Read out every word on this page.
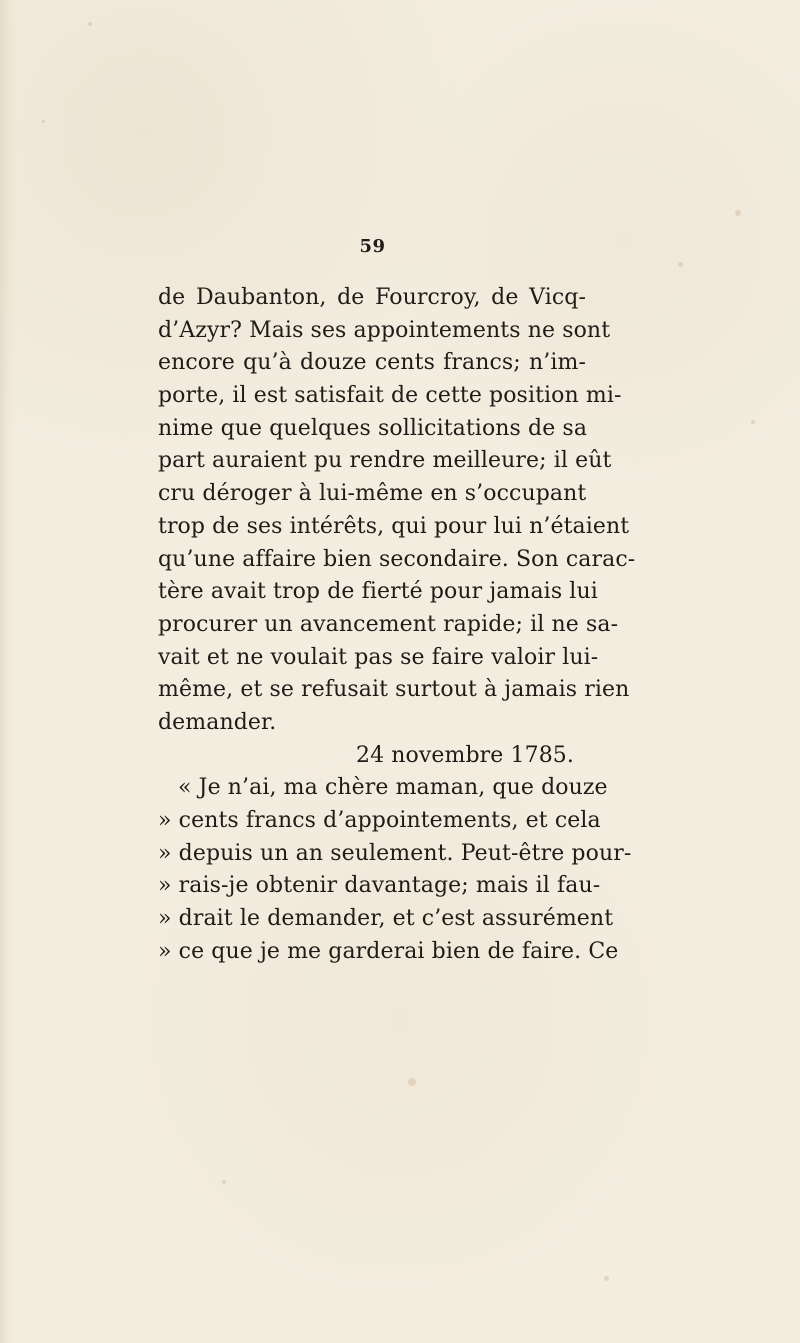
59
de Daubanton, de Fourcroy, de Vicq-
d’Azyr? Mais ses appointements ne sont
encore qu’à douze cents francs; n’im-
porte, il est satisfait de cette position mi-
nime que quelques sollicitations de sa
part auraient pu rendre meilleure; il eût
cru déroger à lui-même en s’occupant
trop de ses intérêts, qui pour lui n’étaient
qu’une affaire bien secondaire. Son carac-
tère avait trop de fierté pour jamais lui
procurer un avancement rapide; il ne sa-
vait et ne voulait pas se faire valoir lui-
même, et se refusait surtout à jamais rien
demander.
24 novembre 1785.
« Je n’ai, ma chère maman, que douze
» cents francs d’appointements, et cela
» depuis un an seulement. Peut-être pour-
» rais-je obtenir davantage; mais il fau-
» drait le demander, et c’est assurément
» ce que je me garderai bien de faire. Ce
